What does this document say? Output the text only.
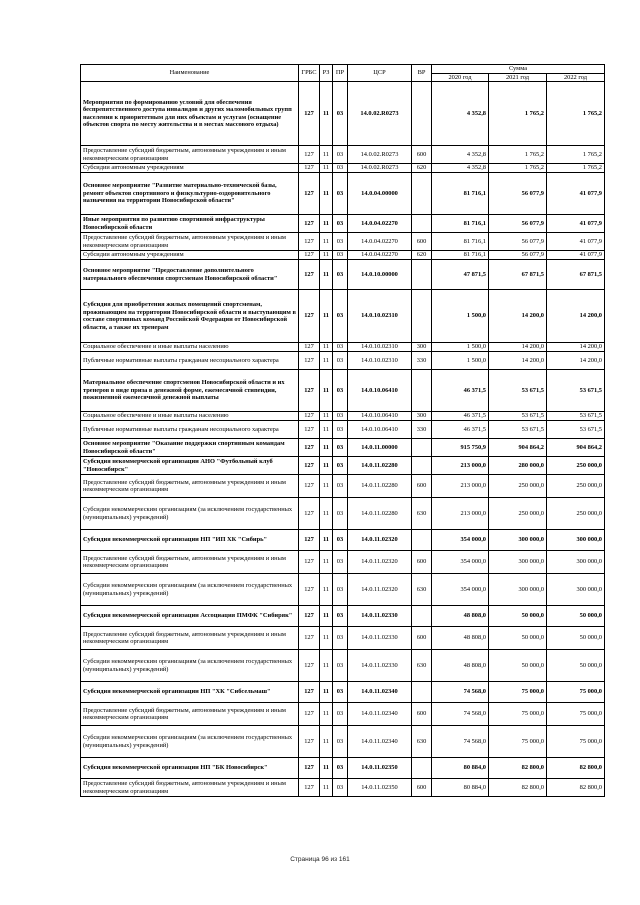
Наименование	ГРБС	РЗ	ПР	ЦСР	ВР	Сумма		
						2020 год	2021 год	2022 год
Мероприятия по формированию условий для обеспечения беспрепятственного доступа инвалидов и других маломобильных групп населения к приоритетным для них объектам и услугам (оснащение объектов спорта по месту жительства и в местах массового отдыха)	127	11	03	14.0.02.R0273		4 352,8	1 765,2	1 765,2
Предоставление субсидий бюджетным, автономным учреждениям и иным некоммерческим организациям	127	11	03	14.0.02.R0273	600	4 352,8	1 765,2	1 765,2
Субсидии автономным учреждениям	127	11	03	14.0.02.R0273	620	4 352,8	1 765,2	1 765,2
Основное мероприятие "Развитие материально-технической базы, ремонт объектов спортивного и физкультурно-оздоровительного назначения на территории Новосибирской области"	127	11	03	14.0.04.00000		81 716,1	56 077,9	41 077,9
Иные мероприятия по развитию спортивной инфраструктуры Новосибирской области	127	11	03	14.0.04.02270		81 716,1	56 077,9	41 077,9
Предоставление субсидий бюджетным, автономным учреждениям и иным некоммерческим организациям	127	11	03	14.0.04.02270	600	81 716,1	56 077,9	41 077,9
Субсидии автономным учреждениям	127	11	03	14.0.04.02270	620	81 716,1	56 077,9	41 077,9
Основное мероприятие "Предоставление дополнительного материального обеспечения спортсменам Новосибирской области"	127	11	03	14.0.10.00000		47 871,5	67 871,5	67 871,5
Субсидия для приобретения жилых помещений спортсменам, проживающим на территории Новосибирской области и выступающим в составе спортивных команд Российской Федерации от Новосибирской области, а также их тренерам	127	11	03	14.0.10.02310		1 500,0	14 200,0	14 200,0
Социальное обеспечение и иные выплаты населению	127	11	03	14.0.10.02310	300	1 500,0	14 200,0	14 200,0
Публичные нормативные выплаты гражданам несоциального характера	127	11	03	14.0.10.02310	330	1 500,0	14 200,0	14 200,0
Материальное обеспечение спортсменов Новосибирской области и их тренеров в виде приза в денежной форме, ежемесячной стипендии, пожизненной ежемесячной денежной выплаты	127	11	03	14.0.10.06410		46 371,5	53 671,5	53 671,5
Социальное обеспечение и иные выплаты населению	127	11	03	14.0.10.06410	300	46 371,5	53 671,5	53 671,5
Публичные нормативные выплаты гражданам несоциального характера	127	11	03	14.0.10.06410	330	46 371,5	53 671,5	53 671,5
Основное мероприятие "Оказание поддержки спортивным командам Новосибирской области"	127	11	03	14.0.11.00000		915 750,9	904 864,2	904 864,2
Субсидия некоммерческой организации АНО "Футбольный клуб "Новосибирск"	127	11	03	14.0.11.02280		213 000,0	280 000,0	250 000,0
Предоставление субсидий бюджетным, автономным учреждениям и иным некоммерческим организациям	127	11	03	14.0.11.02280	600	213 000,0	250 000,0	250 000,0
Субсидии некоммерческим организациям (за исключением государственных (муниципальных) учреждений)	127	11	03	14.0.11.02280	630	213 000,0	250 000,0	250 000,0
Субсидия некоммерческой организации НП "ИП ХК "Сибирь"	127	11	03	14.0.11.02320		354 000,0	300 000,0	300 000,0
Предоставление субсидий бюджетным, автономным учреждениям и иным некоммерческим организациям	127	11	03	14.0.11.02320	600	354 000,0	300 000,0	300 000,0
Субсидии некоммерческим организациям (за исключением государственных (муниципальных) учреждений)	127	11	03	14.0.11.02320	630	354 000,0	300 000,0	300 000,0
Субсидия некоммерческой организации Ассоциация ПМФК "Сибиряк"	127	11	03	14.0.11.02330		48 808,0	50 000,0	50 000,0
Предоставление субсидий бюджетным, автономным учреждениям и иным некоммерческим организациям	127	11	03	14.0.11.02330	600	48 808,0	50 000,0	50 000,0
Субсидии некоммерческим организациям (за исключением государственных (муниципальных) учреждений)	127	11	03	14.0.11.02330	630	48 808,0	50 000,0	50 000,0
Субсидия некоммерческой организации НП "ХК "Сибсельмаш"	127	11	03	14.0.11.02340		74 568,0	75 000,0	75 000,0
Предоставление субсидий бюджетным, автономным учреждениям и иным некоммерческим организациям	127	11	03	14.0.11.02340	600	74 568,0	75 000,0	75 000,0
Субсидии некоммерческим организациям (за исключением государственных (муниципальных) учреждений)	127	11	03	14.0.11.02340	630	74 568,0	75 000,0	75 000,0
Субсидия некоммерческой организации НП "БК Новосибирск"	127	11	03	14.0.11.02350		80 884,0	82 800,0	82 800,0
Предоставление субсидий бюджетным, автономным учреждениям и иным некоммерческим организациям	127	11	03	14.0.11.02350	600	80 884,0	82 800,0	82 800,0
Страница 96 из 161
